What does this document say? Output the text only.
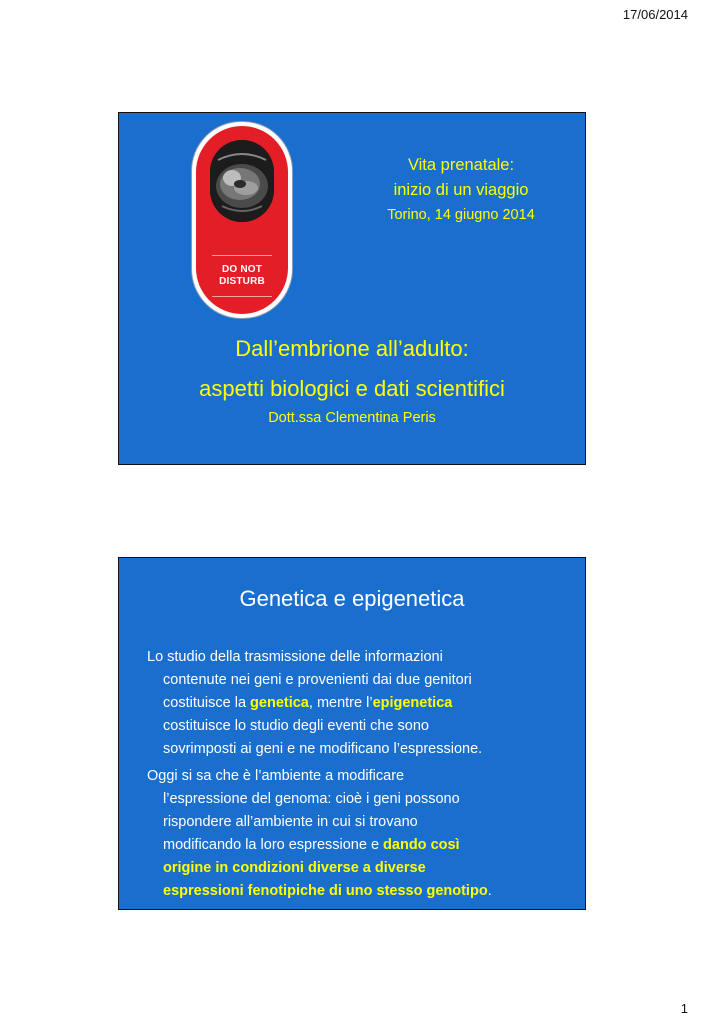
17/06/2014
DO NOT
DISTURB
Vita prenatale:
inizio di un viaggio
Torino, 14 giugno 2014
Dall’embrione all’adulto:
aspetti biologici e dati scientifici
Dott.ssa Clementina Peris
Genetica e epigenetica
Lo studio della trasmissione delle informazioni
contenute nei geni e provenienti dai due genitori
costituisce la genetica, mentre l’epigenetica
costituisce lo studio degli eventi che sono
sovrimposti ai geni e ne modificano l’espressione.
Oggi si sa che è l’ambiente a modificare
l’espressione del genoma: cioè i geni possono
rispondere all’ambiente in cui si trovano
modificando la loro espressione e dando così
origine in condizioni diverse a diverse
espressioni fenotipiche di uno stesso genotipo.
1
